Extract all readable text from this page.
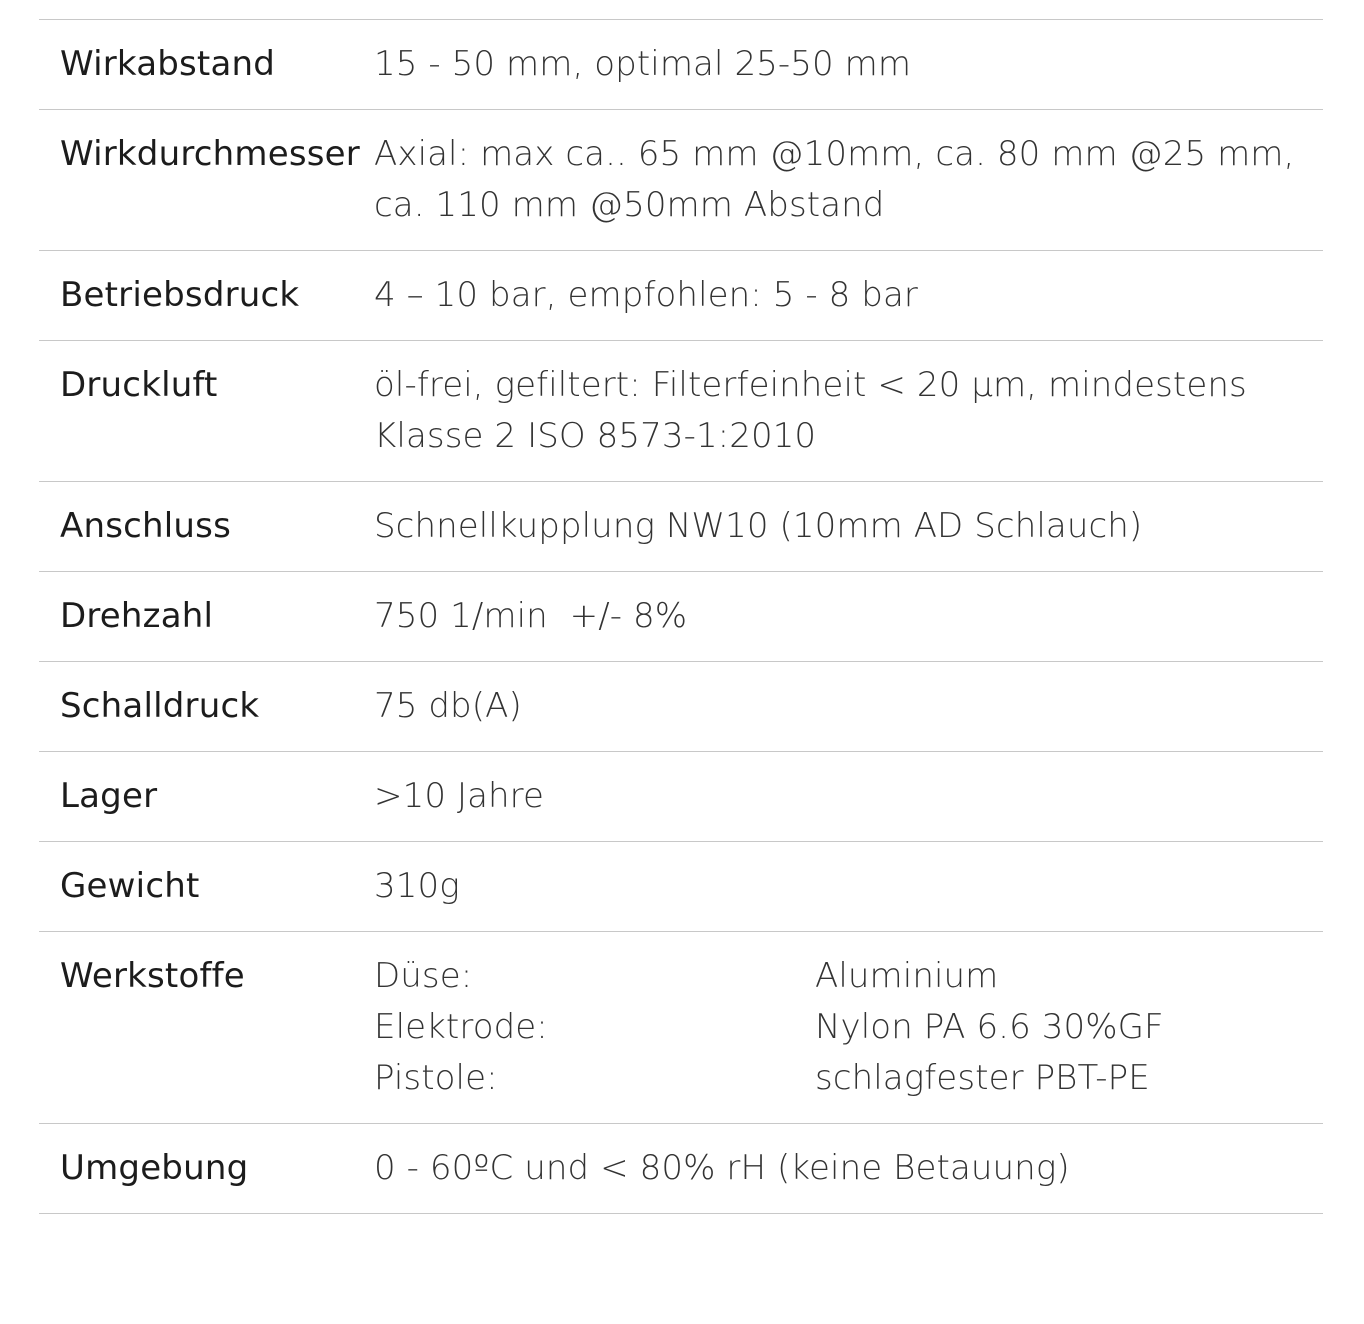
Wirkabstand	15 - 50 mm, optimal 25-50 mm
Wirkdurchmesser Axial: max ca.. 65 mm @10mm, ca. 80 mm @25 mm,
ca. 110 mm @50mm Abstand
Betriebsdruck	4 – 10 bar, empfohlen: 5 - 8 bar
Druckluft	öl-frei, gefiltert: Filterfeinheit < 20 µm, mindestens
Klasse 2 ISO 8573-1:2010
Anschluss	Schnellkupplung NW10 (10mm AD Schlauch)
Drehzahl	750 1/min  +/- 8%
Schalldruck	75 db(A)
Lager	>10 Jahre
Gewicht	310g
Werkstoffe	Düse:	Aluminium
Elektrode:	Nylon PA 6.6 30%GF
Pistole:	schlagfester PBT-PE
Umgebung	0 - 60ºC und < 80% rH (keine Betauung)
